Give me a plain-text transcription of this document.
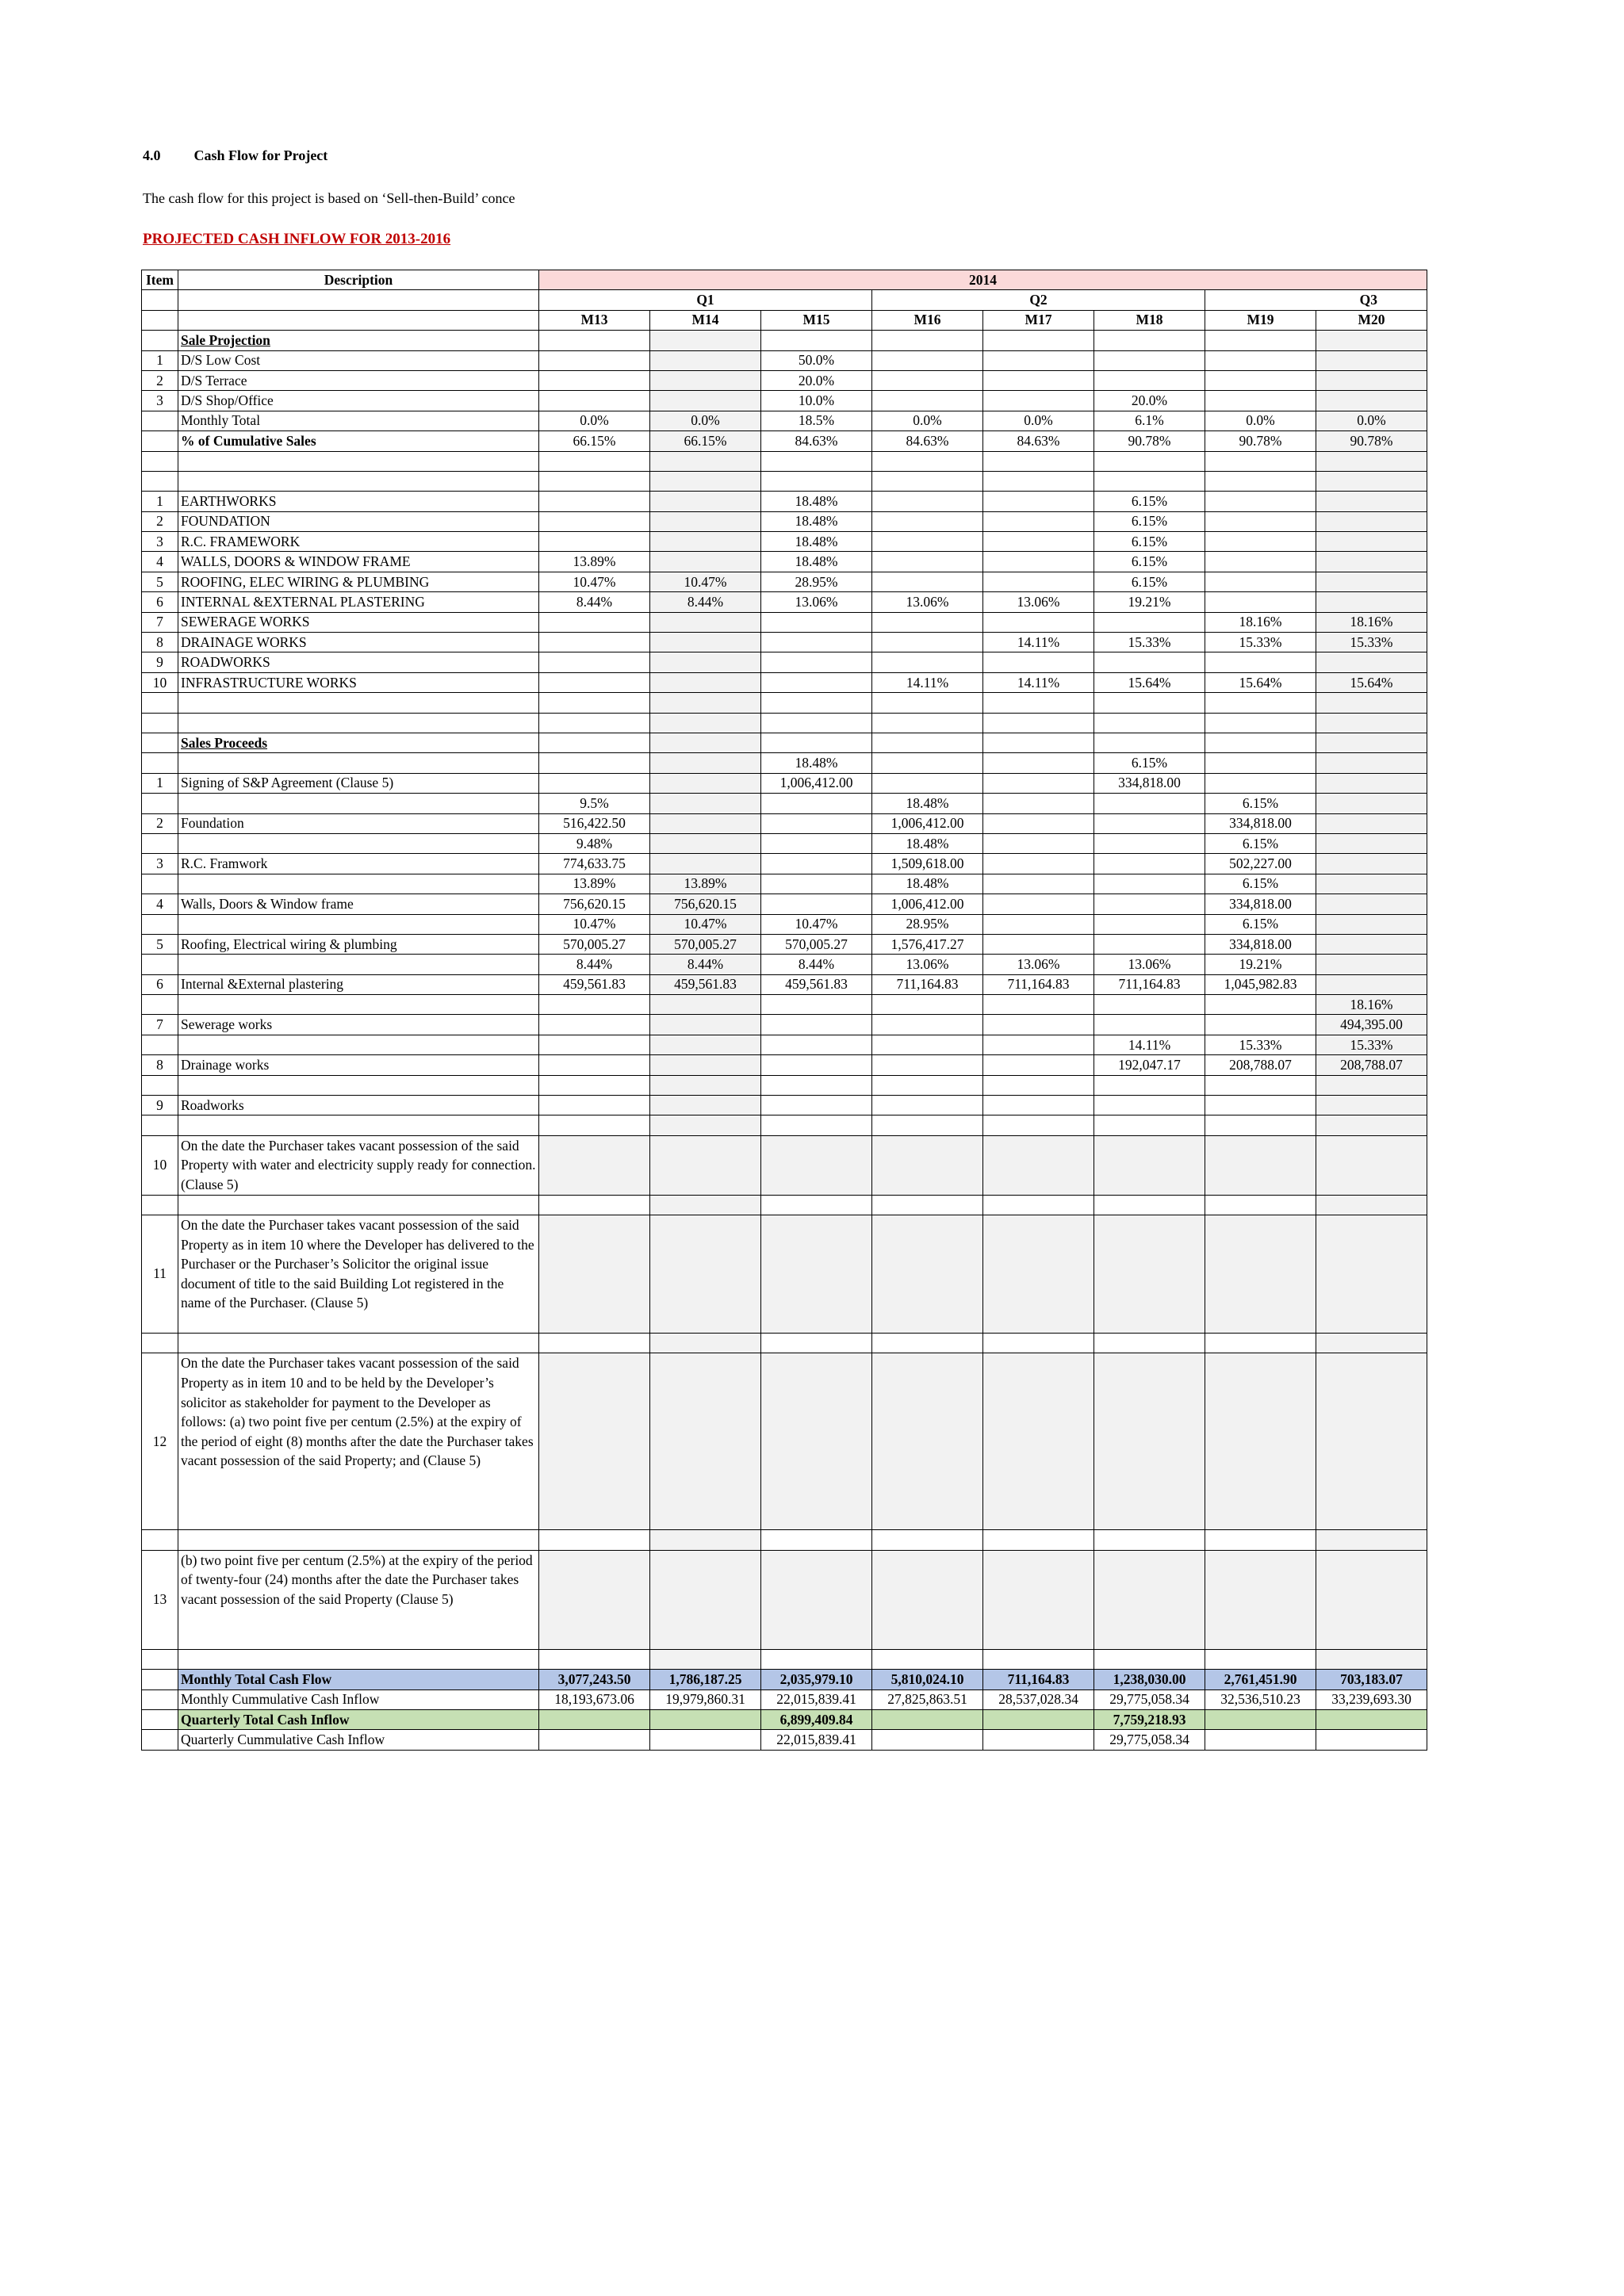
4.0 Cash Flow for Project
The cash flow for this project is based on ‘Sell-then-Build’ conce
PROJECTED CASH INFLOW FOR 2013-2016
Item	Description	2014							
		Q1			Q2			Q3	
		M13	M14	M15	M16	M17	M18	M19	M20
	Sale Projection								
1	D/S Low Cost			50.0%					
2	D/S Terrace			20.0%					
3	D/S Shop/Office			10.0%			20.0%		
	Monthly Total	0.0%	0.0%	18.5%	0.0%	0.0%	6.1%	0.0%	0.0%
	% of Cumulative Sales	66.15%	66.15%	84.63%	84.63%	84.63%	90.78%	90.78%	90.78%

1	EARTHWORKS			18.48%			6.15%		
2	FOUNDATION			18.48%			6.15%		
3	R.C. FRAMEWORK			18.48%			6.15%		
4	WALLS, DOORS & WINDOW FRAME	13.89%		18.48%			6.15%		
5	ROOFING, ELEC WIRING & PLUMBING	10.47%	10.47%	28.95%			6.15%		
6	INTERNAL &EXTERNAL PLASTERING	8.44%	8.44%	13.06%	13.06%	13.06%	19.21%		
7	SEWERAGE WORKS							18.16%	18.16%
8	DRAINAGE WORKS					14.11%	15.33%	15.33%	15.33%
9	ROADWORKS								
10	INFRASTRUCTURE WORKS				14.11%	14.11%	15.64%	15.64%	15.64%

	Sales Proceeds								
				18.48%			6.15%		
1	Signing of S&P Agreement (Clause 5)			1,006,412.00			334,818.00		
		9.5%			18.48%			6.15%	
2	Foundation	516,422.50			1,006,412.00			334,818.00	
		9.48%			18.48%			6.15%	
3	R.C. Framwork	774,633.75			1,509,618.00			502,227.00	
		13.89%	13.89%		18.48%			6.15%	
4	Walls, Doors & Window frame	756,620.15	756,620.15		1,006,412.00			334,818.00	
		10.47%	10.47%	10.47%	28.95%			6.15%	
5	Roofing, Electrical wiring & plumbing	570,005.27	570,005.27	570,005.27	1,576,417.27			334,818.00	
		8.44%	8.44%	8.44%	13.06%	13.06%	13.06%	19.21%	
6	Internal &External plastering	459,561.83	459,561.83	459,561.83	711,164.83	711,164.83	711,164.83	1,045,982.83	
									18.16%
7	Sewerage works								494,395.00
							14.11%	15.33%	15.33%
8	Drainage works						192,047.17	208,788.07	208,788.07

9	Roadworks								

10	On the date the Purchaser takes vacant possession of the said Property with water and electricity supply ready for connection. (Clause 5)								

11	On the date the Purchaser takes vacant possession of the said Property as in item 10 where the Developer has delivered to the Purchaser or the Purchaser’s Solicitor the original issue document of title to the said Building Lot registered in the name of the Purchaser. (Clause 5)								

12	On the date the Purchaser takes vacant possession of the said Property as in item 10 and to be held by the Developer’s solicitor as stakeholder for payment to the Developer as follows: (a) two point five per centum (2.5%) at the expiry of the period of eight (8) months after the date the Purchaser takes vacant possession of the said Property; and (Clause 5)								

13	(b) two point five per centum (2.5%) at the expiry of the period of twenty-four (24) months after the date the Purchaser takes vacant possession of the said Property (Clause 5)								

	Monthly Total Cash Flow	3,077,243.50	1,786,187.25	2,035,979.10	5,810,024.10	711,164.83	1,238,030.00	2,761,451.90	703,183.07
	Monthly Cummulative Cash Inflow	18,193,673.06	19,979,860.31	22,015,839.41	27,825,863.51	28,537,028.34	29,775,058.34	32,536,510.23	33,239,693.30
	Quarterly Total Cash Inflow			6,899,409.84			7,759,218.93		
	Quarterly Cummulative Cash Inflow			22,015,839.41			29,775,058.34		
